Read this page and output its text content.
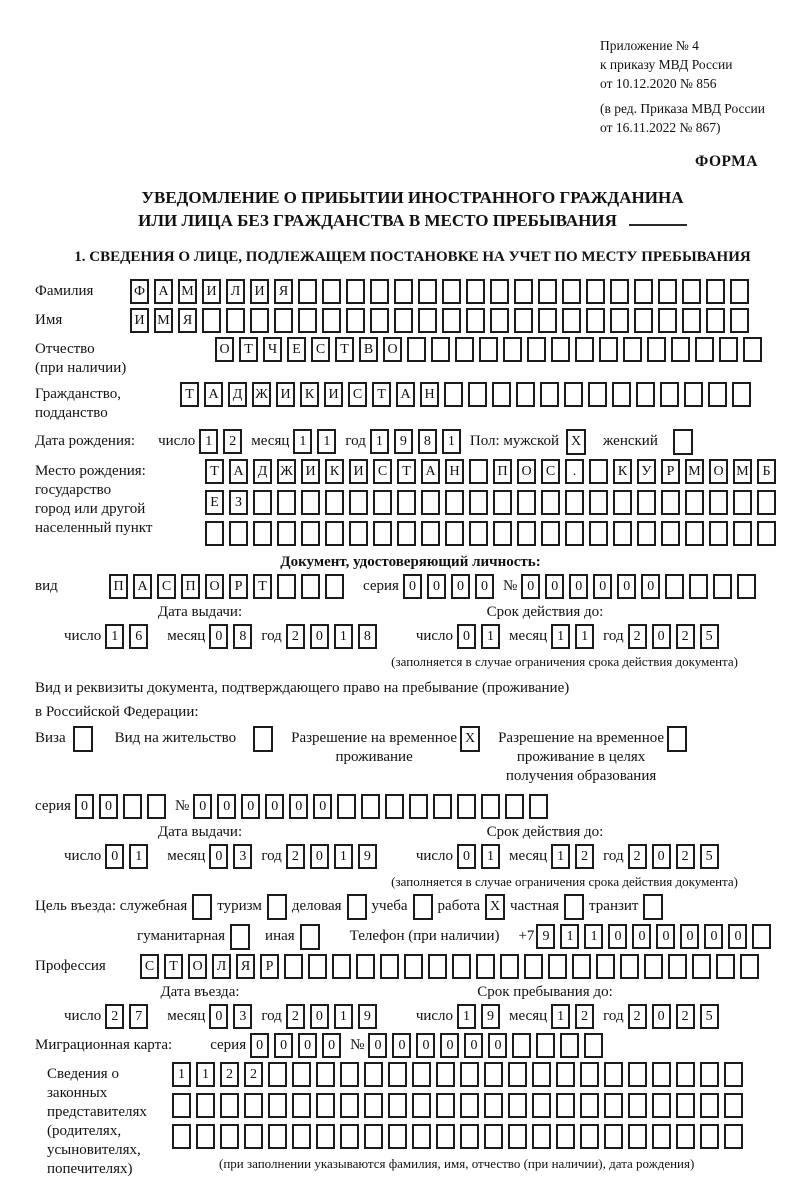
Приложение № 4
к приказу МВД России
от 10.12.2020 № 856
(в ред. Приказа МВД России
от 16.11.2022 № 867)
ФОРМА
УВЕДОМЛЕНИЕ О ПРИБЫТИИ ИНОСТРАННОГО ГРАЖДАНИНА
ИЛИ ЛИЦА БЕЗ ГРАЖДАНСТВА В МЕСТО ПРЕБЫВАНИЯ
1. СВЕДЕНИЯ О ЛИЦЕ, ПОДЛЕЖАЩЕМ ПОСТАНОВКЕ НА УЧЕТ ПО МЕСТУ ПРЕБЫВАНИЯ
Фамилия	Ф А М И	Л	И	Я
Имя	И М Я
Отчество
(при наличии)
О	Т	Ч	Е	С	Т	В	О
Гражданство,
подданство
Т	А	Д Ж И	К	И	С	Т	А Н
Дата рождения: число 1	2	месяц 1	1	год 1	9	8	1	Пол: мужской X	женский
Место рождения:
государство
город или другой
населенный пункт
Т	А	Д Ж И	К	И	С	Т	А Н	П О	С	.	К	У	Р М О М Б
Е	З
Документ, удостоверяющий личность:
вид	П А	С	П О	Р	Т	серия 0	0	0	0	№ 0	0	0	0	0	0
Дата выдачи:	Срок действия до:
число 1	6	месяц 0	8	год 2	0	1	8	число 0	1	месяц 1	1	год 2	0	2	5
(заполняется в случае ограничения срока действия документа)
Вид и реквизиты документа, подтверждающего право на пребывание (проживание)
в Российской Федерации:
Виза	Вид на жительство	Разрешение на временное
проживание
X	Разрешение на временное
проживание в целях
получения образования
серия 0	0	№ 0	0	0	0	0	0
Дата выдачи:	Срок действия до:
число 0	1	месяц 0	3	год 2	0	1	9	число 0	1	месяц 1	2	год 2	0	2	5
(заполняется в случае ограничения срока действия документа)
Цель въезда: служебная туризм деловая учеба работа X частная транзит
гуманитарная	иная	Телефон (при наличии) +7 9	1	1	0	0	0	0	0	0
Профессия	С	Т	О	Л	Я	Р
Дата въезда:	Срок пребывания до:
число 2	7	месяц 0	3	год 2	0	1	9	число 1	9	месяц 1	2	год 2	0	2	5
Миграционная карта:	серия 0	0	0	0	№ 0	0	0	0	0	0
Сведения о
законных
представителях
(родителях,
усыновителях,
попечителях)
1	1	2	2
(при заполнении указываются фамилия, имя, отчество (при наличии), дата рождения)
